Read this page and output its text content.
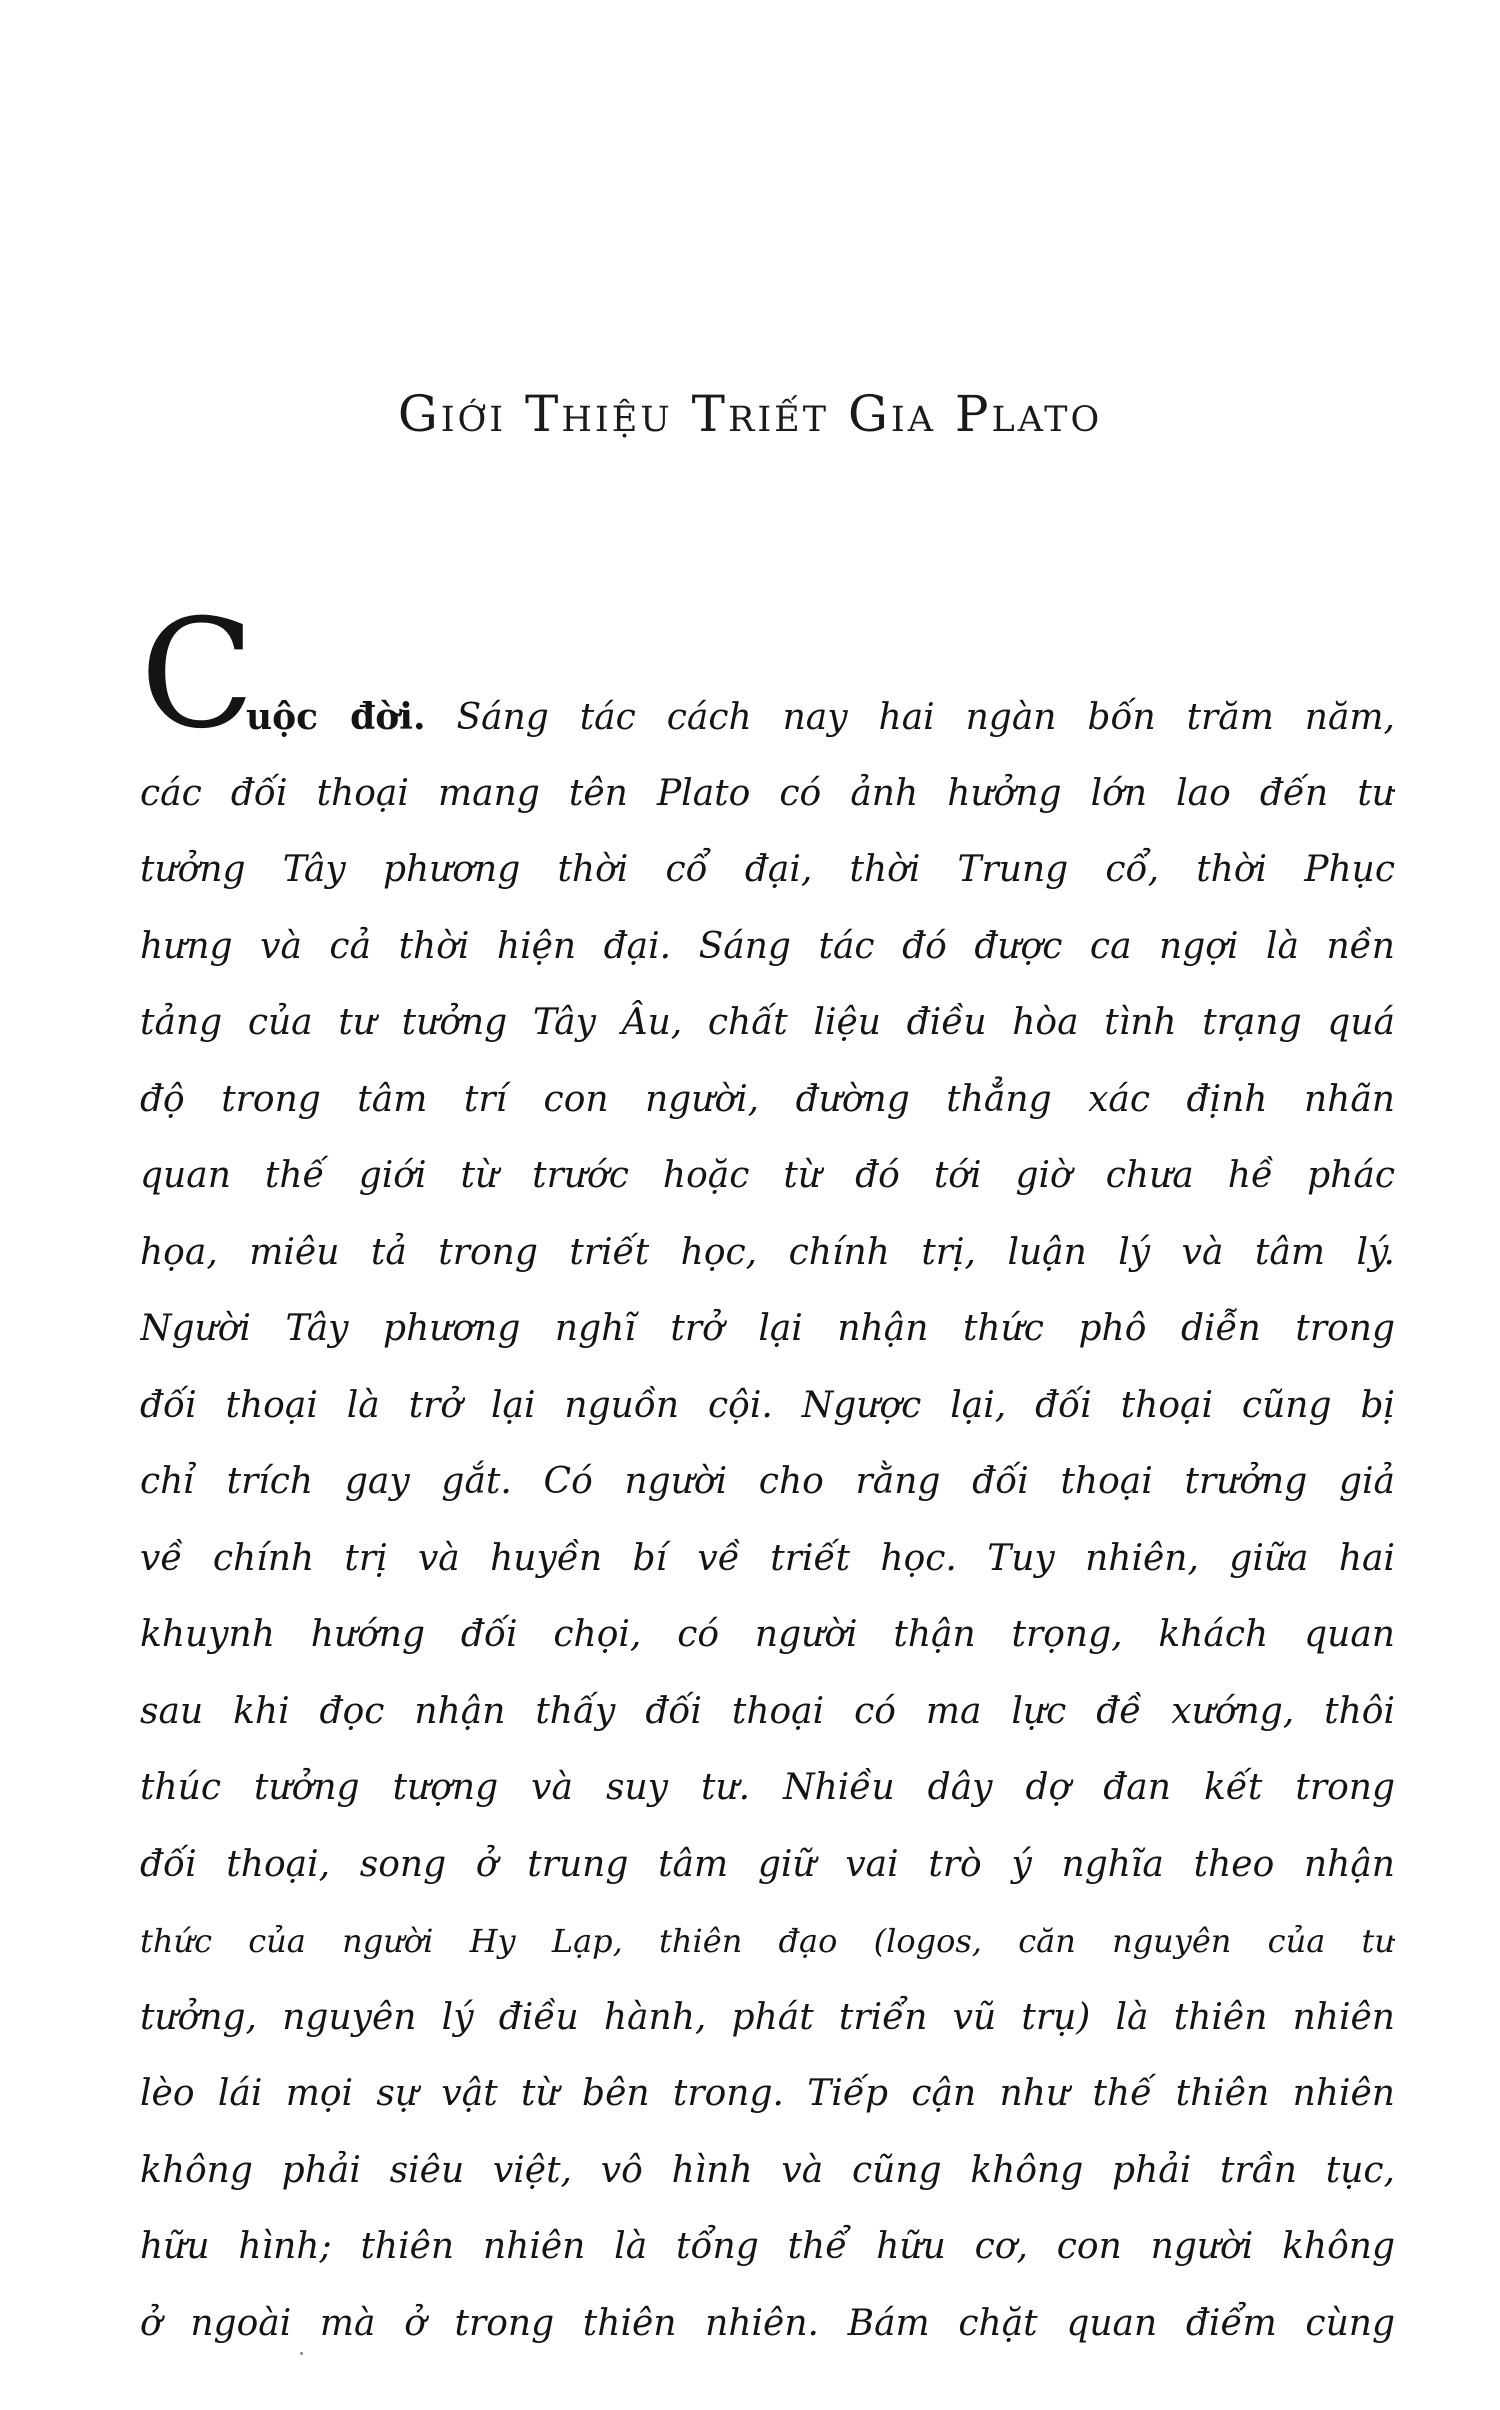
Giới Thiệu Triết Gia Plato
C
uộc đời. Sáng tác cách nay hai ngàn bốn trăm năm,
các đối thoại mang tên Plato có ảnh hưởng lớn lao đến tư
tưởng Tây phương thời cổ đại, thời Trung cổ, thời Phục
hưng và cả thời hiện đại. Sáng tác đó được ca ngợi là nền
tảng của tư tưởng Tây Âu, chất liệu điều hòa tình trạng quá
độ trong tâm trí con người, đường thẳng xác định nhãn
quan thế giới từ trước hoặc từ đó tới giờ chưa hề phác
họa, miêu tả trong triết học, chính trị, luận lý và tâm lý.
Người Tây phương nghĩ trở lại nhận thức phô diễn trong
đối thoại là trở lại nguồn cội. Ngược lại, đối thoại cũng bị
chỉ trích gay gắt. Có người cho rằng đối thoại trưởng giả
về chính trị và huyền bí về triết học. Tuy nhiên, giữa hai
khuynh hướng đối chọi, có người thận trọng, khách quan
sau khi đọc nhận thấy đối thoại có ma lực đề xướng, thôi
thúc tưởng tượng và suy tư. Nhiều dây dợ đan kết trong
đối thoại, song ở trung tâm giữ vai trò ý nghĩa theo nhận
thức của người Hy Lạp, thiên đạo (logos, căn nguyên của tư
tưởng, nguyên lý điều hành, phát triển vũ trụ) là thiên nhiên
lèo lái mọi sự vật từ bên trong. Tiếp cận như thế thiên nhiên
không phải siêu việt, vô hình và cũng không phải trần tục,
hữu hình; thiên nhiên là tổng thể hữu cơ, con người không
ở ngoài mà ở trong thiên nhiên. Bám chặt quan điểm cùng
